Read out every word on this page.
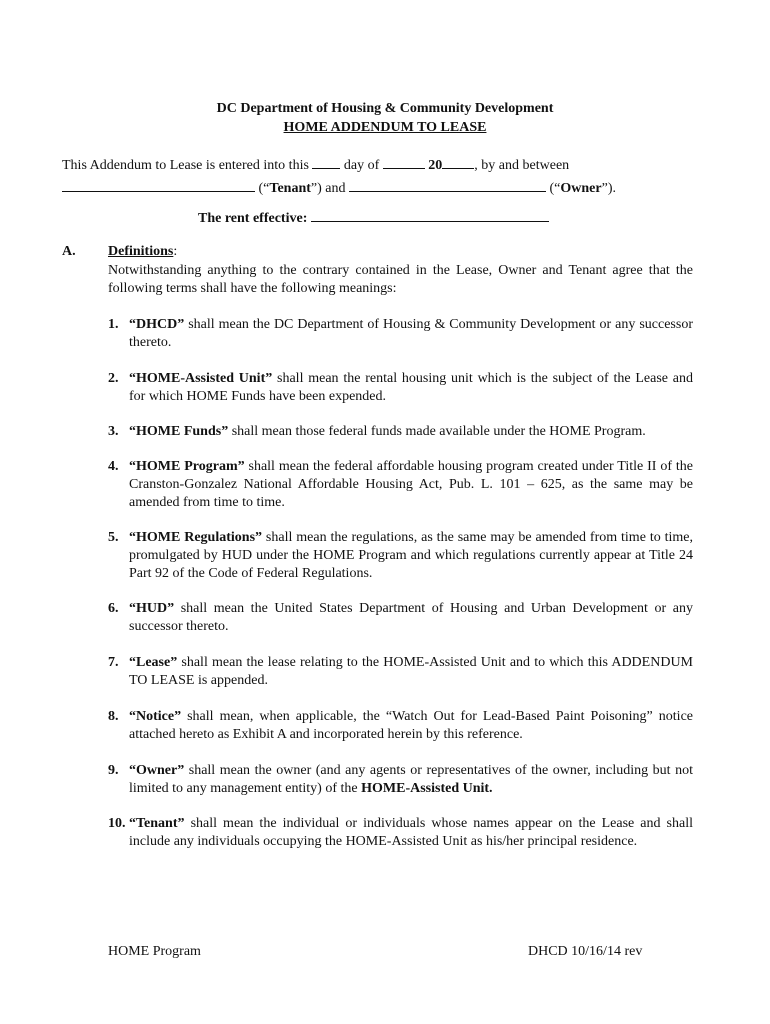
DC Department of Housing & Community Development
HOME ADDENDUM TO LEASE
This Addendum to Lease is entered into this	day of	20 , by and between
(“Tenant”) and	(“Owner”).
The rent effective:
A. Definitions:
Notwithstanding anything to the contrary contained in the Lease, Owner and Tenant agree that the following terms shall have the following meanings:
1. “DHCD” shall mean the DC Department of Housing & Community Development or any successor thereto.
2. “HOME-Assisted Unit” shall mean the rental housing unit which is the subject of the Lease and for which HOME Funds have been expended.
3. “HOME Funds” shall mean those federal funds made available under the HOME Program.
4. “HOME Program” shall mean the federal affordable housing program created under Title II of the Cranston-Gonzalez National Affordable Housing Act, Pub. L. 101 – 625, as the same may be amended from time to time.
5. “HOME Regulations” shall mean the regulations, as the same may be amended from time to time, promulgated by HUD under the HOME Program and which regulations currently appear at Title 24 Part 92 of the Code of Federal Regulations.
6. “HUD” shall mean the United States Department of Housing and Urban Development or any successor thereto.
7. “Lease” shall mean the lease relating to the HOME-Assisted Unit and to which this ADDENDUM TO LEASE is appended.
8. “Notice” shall mean, when applicable, the “Watch Out for Lead-Based Paint Poisoning” notice attached hereto as Exhibit A and incorporated herein by this reference.
9. “Owner” shall mean the owner (and any agents or representatives of the owner, including but not limited to any management entity) of the HOME-Assisted Unit.
10. “Tenant” shall mean the individual or individuals whose names appear on the Lease and shall include any individuals occupying the HOME-Assisted Unit as his/her principal residence.
HOME Program	DHCD 10/16/14 rev
